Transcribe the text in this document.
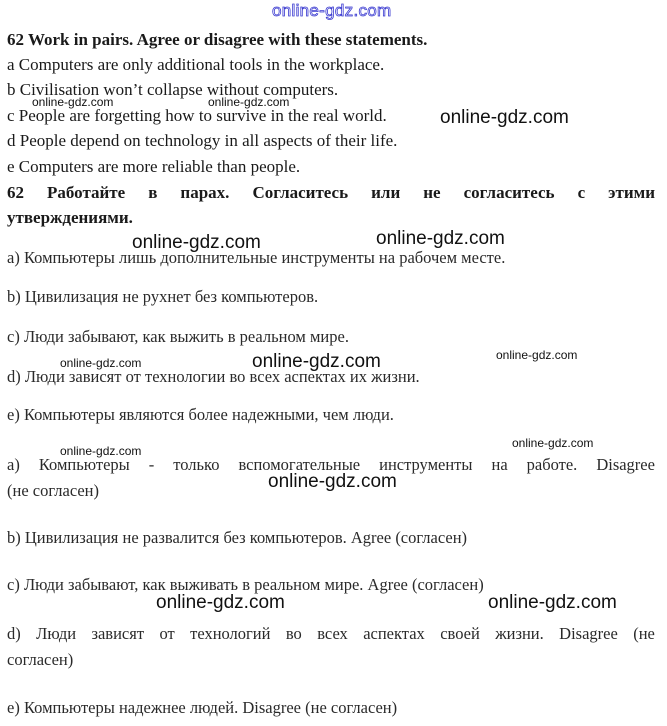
online-gdz.com
62 Work in pairs. Agree or disagree with these statements.
a Computers are only additional tools in the workplace.
b Civilisation won’t collapse without computers.
c People are forgetting how to survive in the real world.
d People depend on technology in all aspects of their life.
e Computers are more reliable than people.
62 Работайте в парах. Согласитесь или не согласитесь с этими
утверждениями.
а) Компьютеры лишь дополнительные инструменты на рабочем месте.
b) Цивилизация не рухнет без компьютеров.
c) Люди забывают, как выжить в реальном мире.
d) Люди зависят от технологии во всех аспектах их жизни.
e) Компьютеры являются более надежными, чем люди.
а) Компьютеры - только вспомогательные инструменты на работе. Disagree
(не согласен)
b) Цивилизация не развалится без компьютеров. Agree (согласен)
c) Люди забывают, как выживать в реальном мире. Agree (согласен)
d) Люди зависят от технологий во всех аспектах своей жизни. Disagree (не
согласен)
e) Компьютеры надежнее людей. Disagree (не согласен)
online-gdz.com	online-gdz.com
online-gdz.com
online-gdz.com	online-gdz.com
online-gdz.com	online-gdz.com	online-gdz.com
online-gdz.com
online-gdz.com
online-gdz.com
online-gdz.com	online-gdz.com
